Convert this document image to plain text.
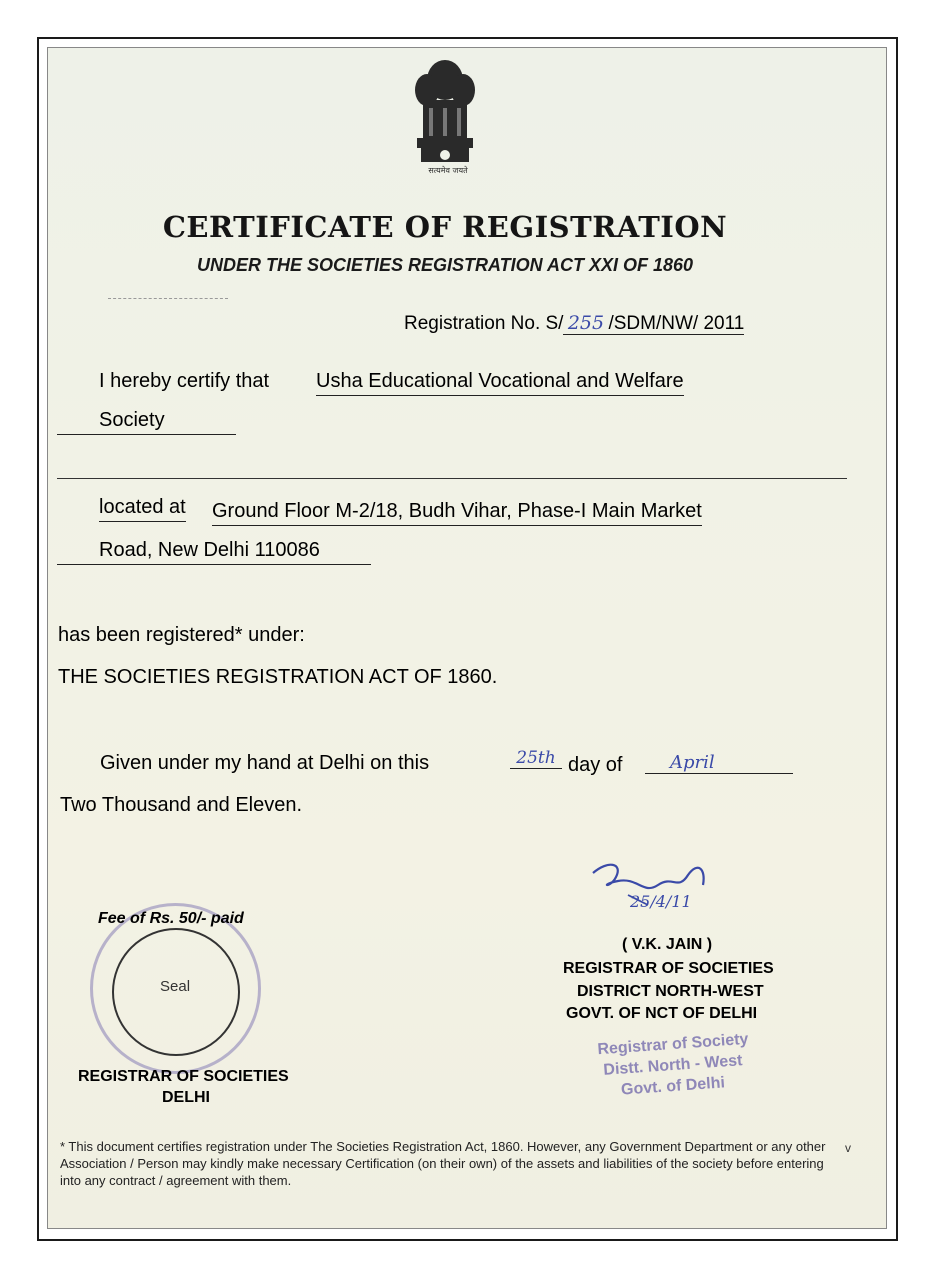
सत्यमेव जयते
CERTIFICATE OF REGISTRATION
UNDER THE SOCIETIES REGISTRATION ACT XXI OF 1860
Registration No. S/ 255 /SDM/NW/ 2011
I hereby certify that Usha Educational Vocational and Welfare
Society
located at Ground Floor M-2/18, Budh Vihar, Phase-I Main Market
Road, New Delhi 110086
has been registered* under:
THE SOCIETIES REGISTRATION ACT OF 1860.
Given under my hand at Delhi on this	25th day of	April
Two Thousand and Eleven.
Fee of Rs. 50/- paid
Seal
REGISTRAR OF SOCIETIES
DELHI
25/4/11
( V.K. JAIN )
REGISTRAR OF SOCIETIES
DISTRICT NORTH-WEST
GOVT. OF NCT OF DELHI
Registrar of Society
Distt. North - West
Govt. of Delhi
* This document certifies registration under The Societies Registration Act, 1860. However, any Government Department or any other Association / Person may kindly make necessary Certification (on their own) of the assets and liabilities of the society before entering into any contract / agreement with them.
v
